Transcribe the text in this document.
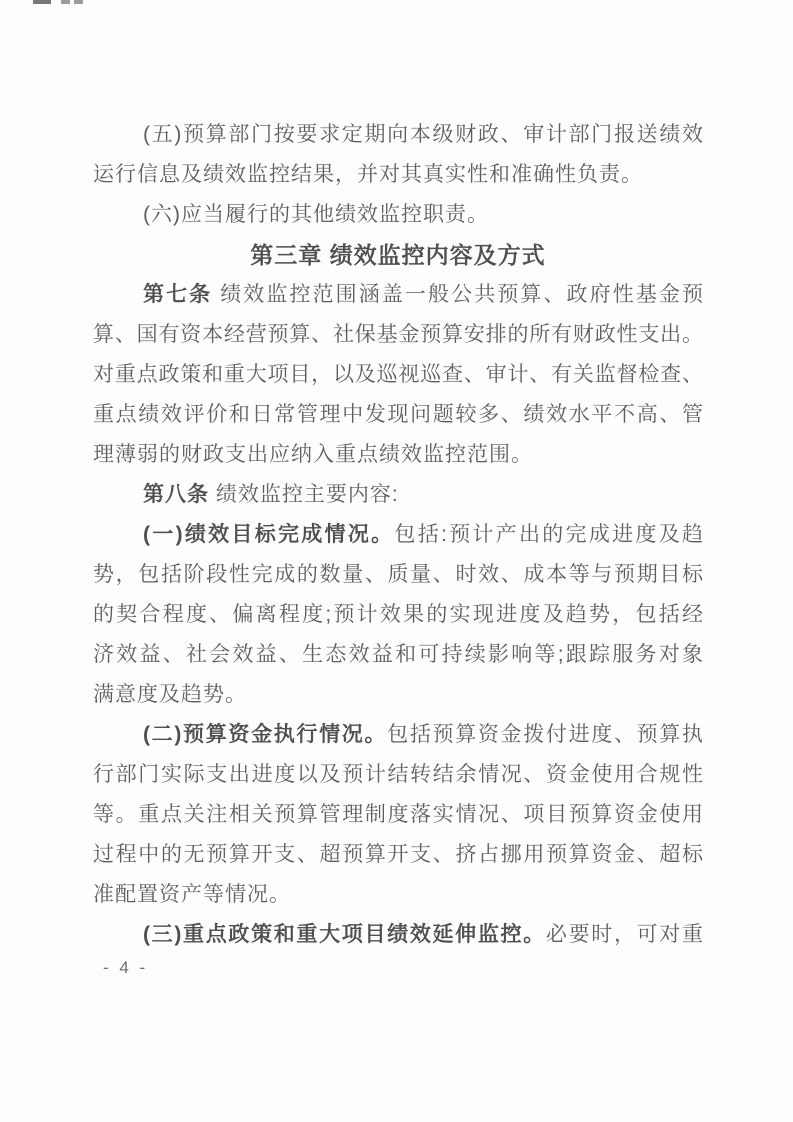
(五)预算部门按要求定期向本级财政、审计部门报送绩效
运行信息及绩效监控结果，并对其真实性和准确性负责。
(六)应当履行的其他绩效监控职责。
第三章 绩效监控内容及方式
第七条 绩效监控范围涵盖一般公共预算、政府性基金预
算、国有资本经营预算、社保基金预算安排的所有财政性支出。
对重点政策和重大项目，以及巡视巡查、审计、有关监督检查、
重点绩效评价和日常管理中发现问题较多、绩效水平不高、管
理薄弱的财政支出应纳入重点绩效监控范围。
第八条 绩效监控主要内容:
(一)绩效目标完成情况。包括:预计产出的完成进度及趋
势，包括阶段性完成的数量、质量、时效、成本等与预期目标
的契合程度、偏离程度;预计效果的实现进度及趋势，包括经
济效益、社会效益、生态效益和可持续影响等;跟踪服务对象
满意度及趋势。
(二)预算资金执行情况。包括预算资金拨付进度、预算执
行部门实际支出进度以及预计结转结余情况、资金使用合规性
等。重点关注相关预算管理制度落实情况、项目预算资金使用
过程中的无预算开支、超预算开支、挤占挪用预算资金、超标
准配置资产等情况。
(三)重点政策和重大项目绩效延伸监控。必要时，可对重
- 4 -
